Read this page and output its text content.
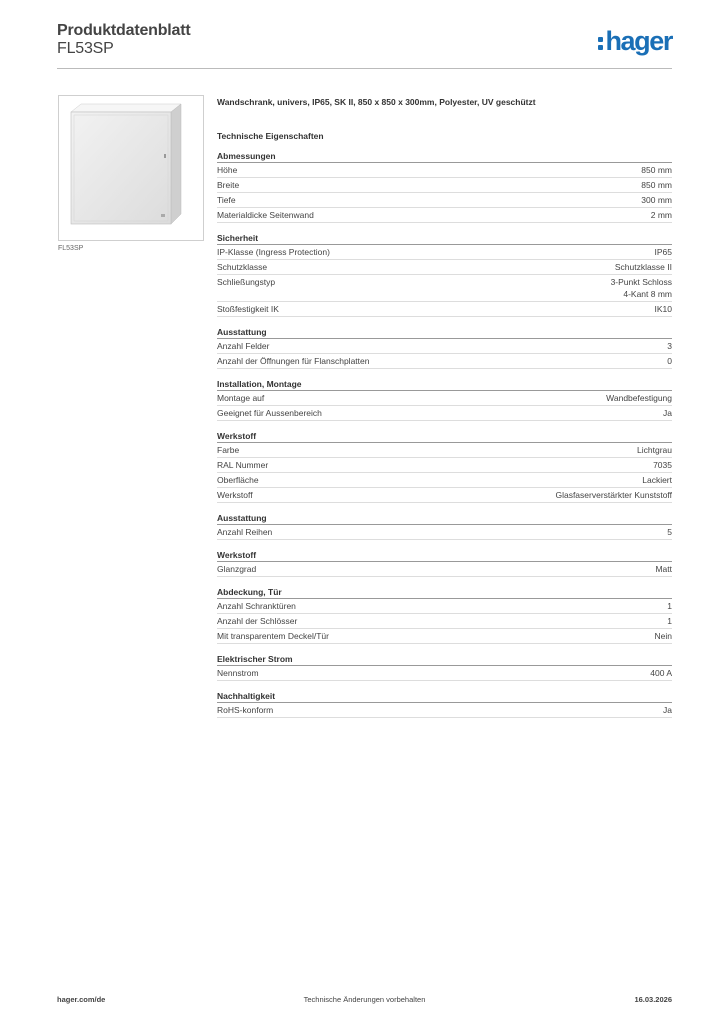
Produktdatenblatt
FL53SP	hager
FL53SP
Wandschrank, univers, IP65, SK II, 850 x 850 x 300mm, Polyester, UV geschützt
Technische Eigenschaften
Abmessungen
Höhe	850 mm
Breite	850 mm
Tiefe	300 mm
Materialdicke Seitenwand	2 mm
Sicherheit
IP-Klasse (Ingress Protection)	IP65
Schutzklasse	Schutzklasse II
Schließungstyp	3-Punkt Schloss
4-Kant 8 mm
Stoßfestigkeit IK	IK10
Ausstattung
Anzahl Felder	3
Anzahl der Öffnungen für Flanschplatten	0
Installation, Montage
Montage auf	Wandbefestigung
Geeignet für Aussenbereich	Ja
Werkstoff
Farbe	Lichtgrau
RAL Nummer	7035
Oberfläche	Lackiert
Werkstoff	Glasfaserverstärkter Kunststoff
Ausstattung
Anzahl Reihen	5
Werkstoff
Glanzgrad	Matt
Abdeckung, Tür
Anzahl Schranktüren	1
Anzahl der Schlösser	1
Mit transparentem Deckel/Tür	Nein
Elektrischer Strom
Nennstrom	400 A
Nachhaltigkeit
RoHS-konform	Ja
hager.com/de	Technische Änderungen vorbehalten	16.03.2026
